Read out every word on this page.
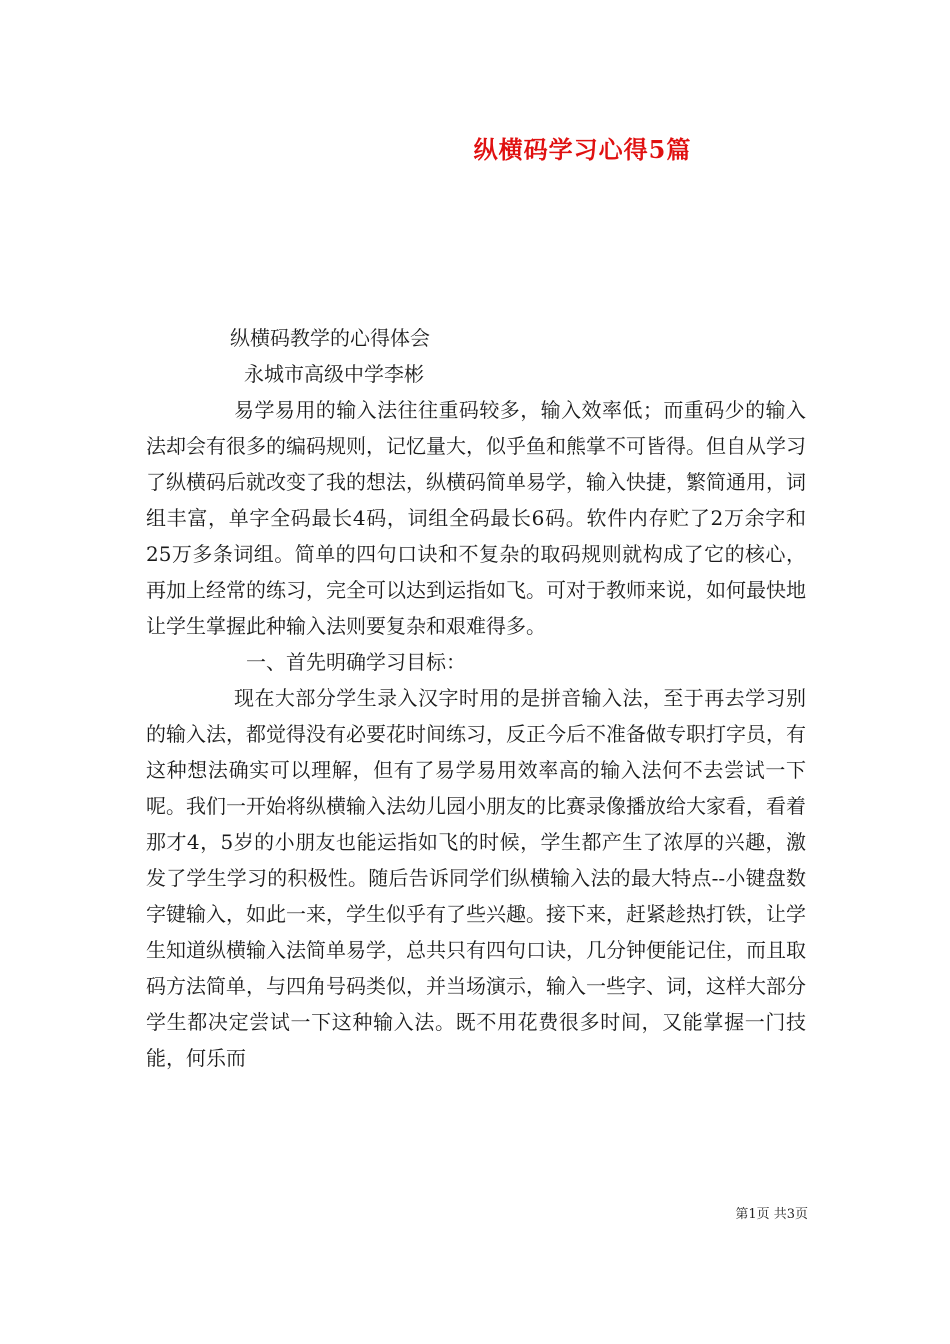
纵横码学习心得5篇

纵横码教学的心得体会

永城市高级中学李彬

易学易用的输入法往往重码较多，输入效率低；而重码少的输入法却会有很多的编码规则，记忆量大，似乎鱼和熊掌不可皆得。但自从学习了纵横码后就改变了我的想法，纵横码简单易学，输入快捷，繁简通用，词组丰富，单字全码最长4码，词组全码最长6码。软件内存贮了2万余字和25万多条词组。简单的四句口诀和不复杂的取码规则就构成了它的核心，再加上经常的练习，完全可以达到运指如飞。可对于教师来说，如何最快地让学生掌握此种输入法则要复杂和艰难得多。

一、首先明确学习目标：

现在大部分学生录入汉字时用的是拼音输入法，至于再去学习别的输入法，都觉得没有必要花时间练习，反正今后不准备做专职打字员，有这种想法确实可以理解，但有了易学易用效率高的输入法何不去尝试一下呢。我们一开始将纵横输入法幼儿园小朋友的比赛录像播放给大家看，看着那才4，5岁的小朋友也能运指如飞的时候，学生都产生了浓厚的兴趣，激发了学生学习的积极性。随后告诉同学们纵横输入法的最大特点--小键盘数字键输入，如此一来，学生似乎有了些兴趣。接下来，赶紧趁热打铁，让学生知道纵横输入法简单易学，总共只有四句口诀，几分钟便能记住，而且取码方法简单，与四角号码类似，并当场演示，输入一些字、词，这样大部分学生都决定尝试一下这种输入法。既不用花费很多时间，又能掌握一门技能，何乐而

第1页 共3页
